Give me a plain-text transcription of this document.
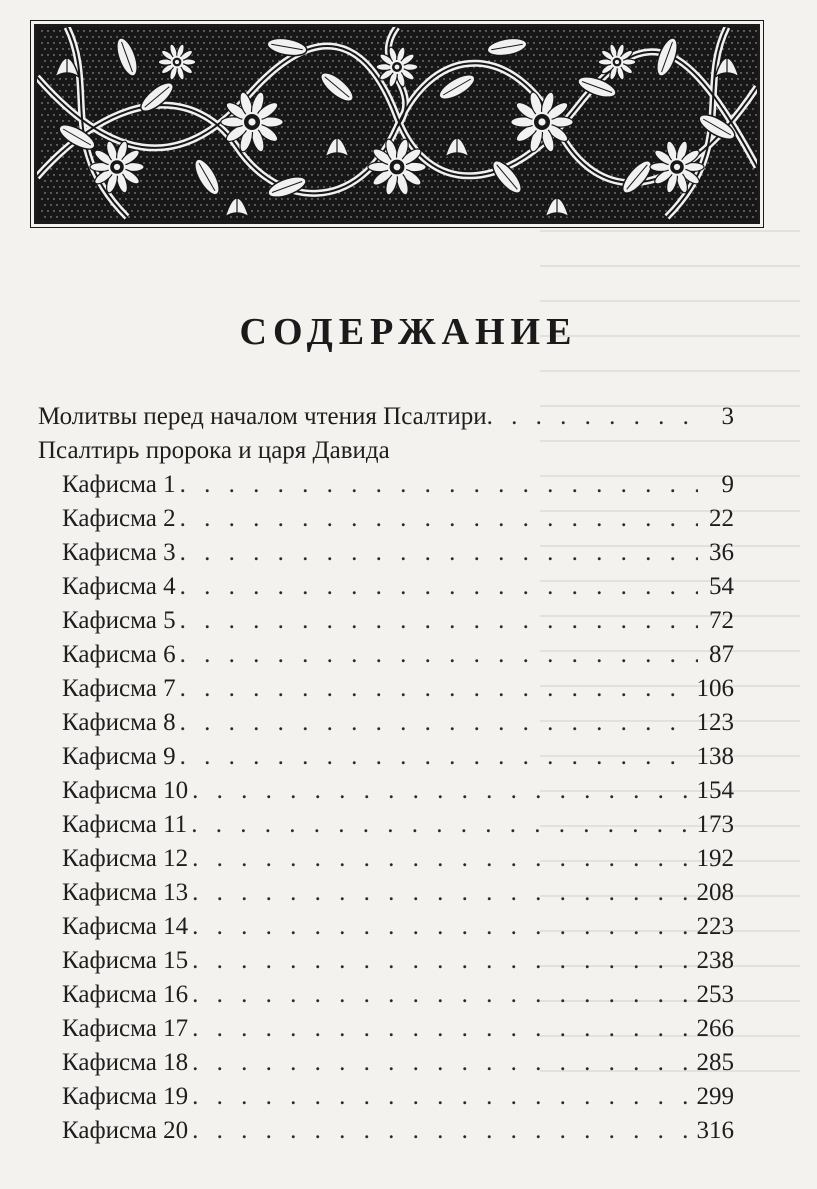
СОДЕРЖАНИЕ
Молитвы перед началом чтения Псалтири . . .	3
Псалтирь пророка и царя Давида
Кафисма 1 . . .	9
Кафисма 2 . . .	22
Кафисма 3 . . .	36
Кафисма 4 . . .	54
Кафисма 5 . . .	72
Кафисма 6 . . .	87
Кафисма 7 . . .	106
Кафисма 8 . . .	123
Кафисма 9 . . .	138
Кафисма 10 . . .	154
Кафисма 11 . . .	173
Кафисма 12 . . .	192
Кафисма 13 . . .	208
Кафисма 14 . . .	223
Кафисма 15 . . .	238
Кафисма 16 . . .	253
Кафисма 17 . . .	266
Кафисма 18 . . .	285
Кафисма 19 . . .	299
Кафисма 20 . . .	316
